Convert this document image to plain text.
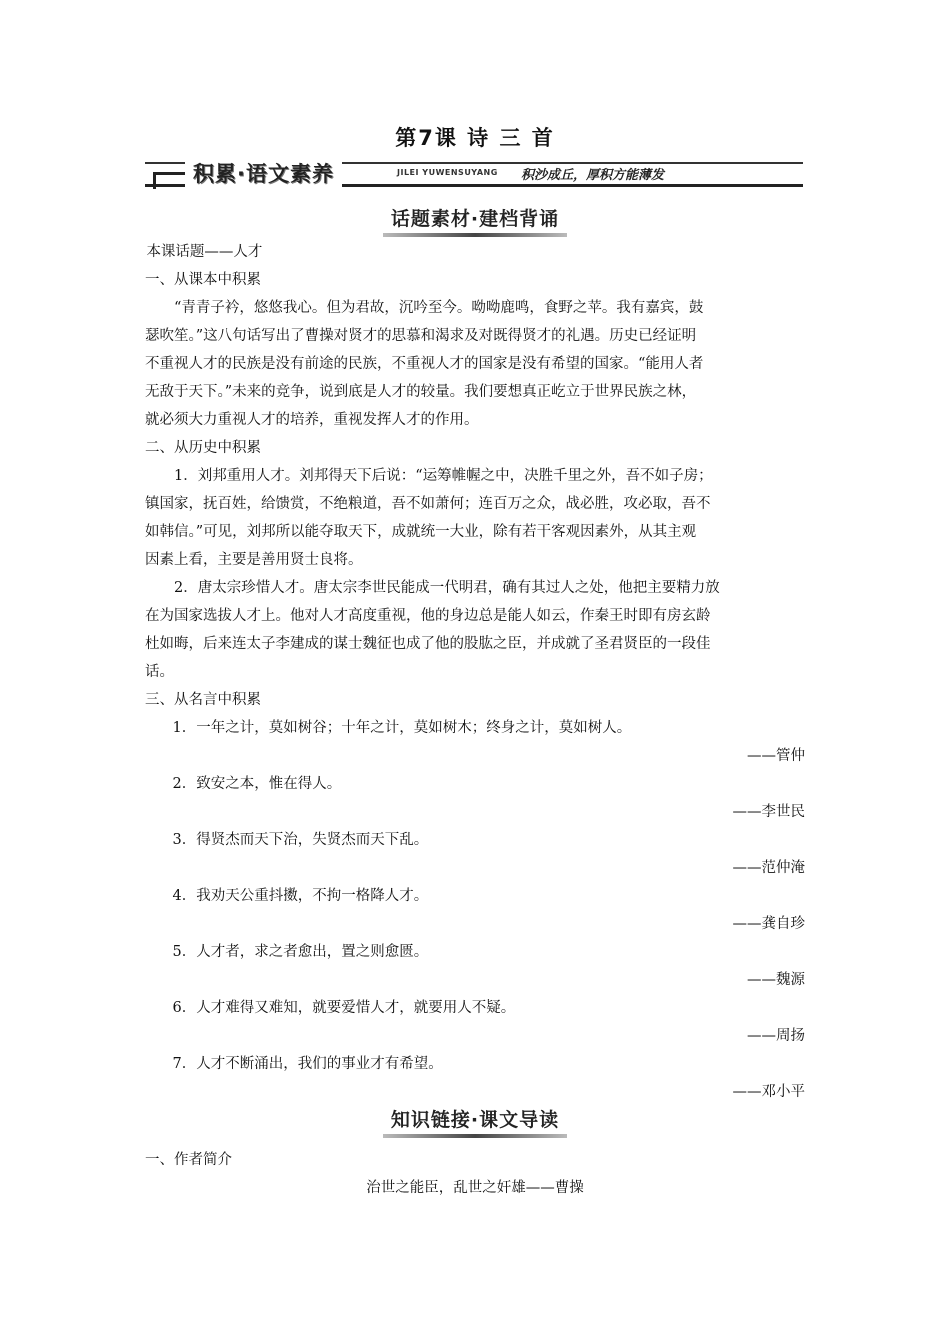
第7课 诗 三 首
积累·语文素养	JILEI YUWENSUYANG	积沙成丘，厚积方能薄发
话题素材·建档背诵
本课话题——人才
一、从课本中积累
“青青子衿，悠悠我心。但为君故，沉吟至今。呦呦鹿鸣，食野之苹。我有嘉宾，鼓
瑟吹笙。”这八句话写出了曹操对贤才的思慕和渴求及对既得贤才的礼遇。历史已经证明
不重视人才的民族是没有前途的民族，不重视人才的国家是没有希望的国家。“能用人者
无敌于天下。”未来的竞争，说到底是人才的较量。我们要想真正屹立于世界民族之林，
就必须大力重视人才的培养，重视发挥人才的作用。
二、从历史中积累
1．刘邦重用人才。刘邦得天下后说：“运筹帷幄之中，决胜千里之外，吾不如子房；
镇国家，抚百姓，给馈赏，不绝粮道，吾不如萧何；连百万之众，战必胜，攻必取，吾不
如韩信。”可见，刘邦所以能夺取天下，成就统一大业，除有若干客观因素外，从其主观
因素上看，主要是善用贤士良将。
2．唐太宗珍惜人才。唐太宗李世民能成一代明君，确有其过人之处，他把主要精力放
在为国家选拔人才上。他对人才高度重视，他的身边总是能人如云，作秦王时即有房玄龄
杜如晦，后来连太子李建成的谋士魏征也成了他的股肱之臣，并成就了圣君贤臣的一段佳
话。
三、从名言中积累
1．一年之计，莫如树谷；十年之计，莫如树木；终身之计，莫如树人。
——管仲
2．致安之本，惟在得人。
——李世民
3．得贤杰而天下治，失贤杰而天下乱。
——范仲淹
4．我劝天公重抖擞，不拘一格降人才。
——龚自珍
5．人才者，求之者愈出，置之则愈匮。
——魏源
6．人才难得又难知，就要爱惜人才，就要用人不疑。
——周扬
7．人才不断涌出，我们的事业才有希望。
——邓小平
知识链接·课文导读
一、作者简介
治世之能臣，乱世之奸雄——曹操
